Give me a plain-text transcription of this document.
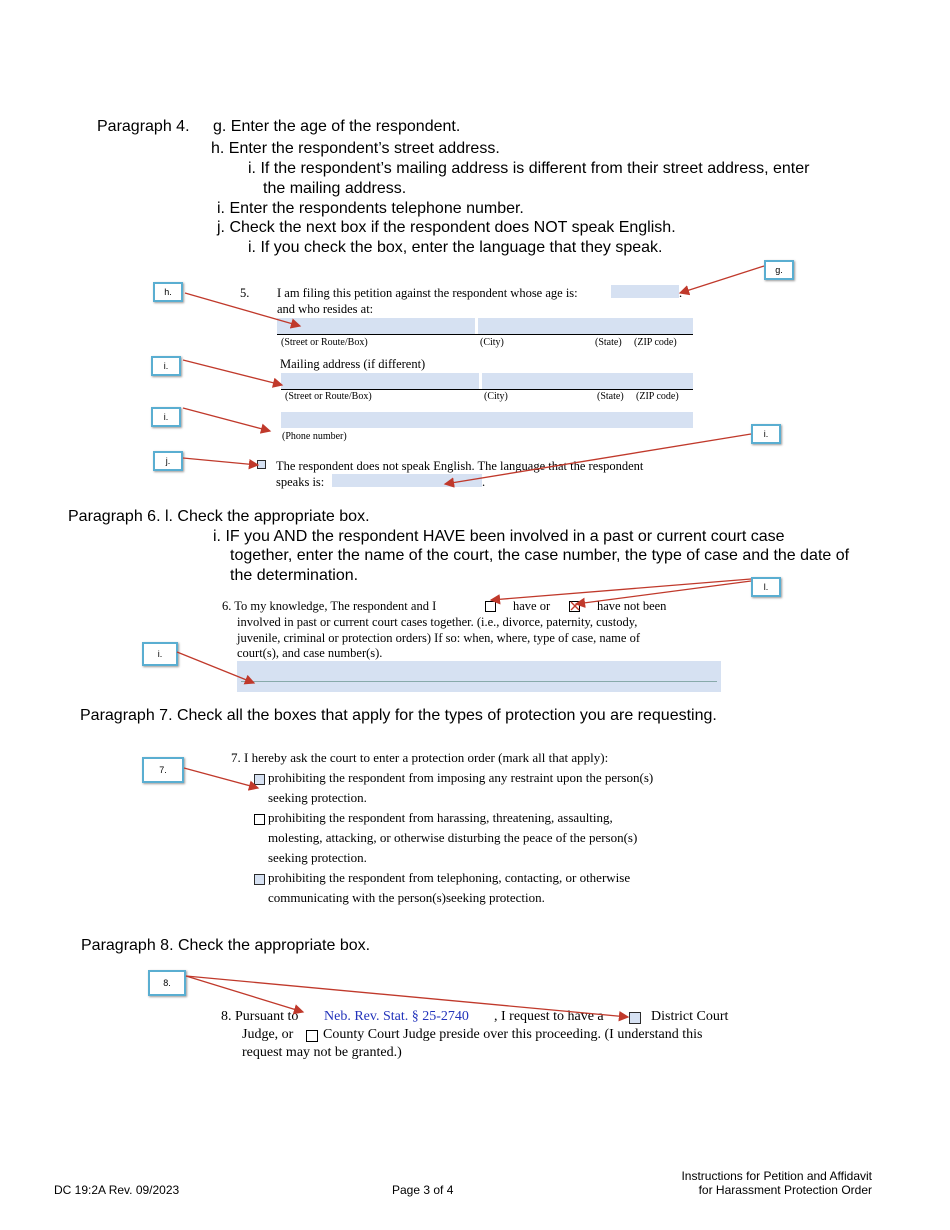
Paragraph 4. g. Enter the age of the respondent.
h. Enter the respondent’s street address.
i. If the respondent’s mailing address is different from their street address, enter
the mailing address.
i. Enter the respondents telephone number.
j. Check the next box if the respondent does NOT speak English.
i. If you check the box, enter the language that they speak.
5. I am filing this petition against the respondent whose age is:	.
and who resides at:
(Street or Route/Box)	(City)	(State) (ZIP code)
Mailing address (if different)
(Street or Route/Box)	(City)	(State) (ZIP code)
(Phone number)
The respondent does not speak English. The language that the respondent
speaks is:	.
h.
g.
i.
i.
i.
j.
Paragraph 6. l. Check the appropriate box.
i. IF you AND the respondent HAVE been involved in a past or current court case
together, enter the name of the court, the case number, the type of case and the date of
the determination.
6. To my knowledge, The respondent and I	have or	have not been
involved in past or current court cases together. (i.e., divorce, paternity, custody,
juvenile, criminal or protection orders) If so: when, where, type of case, name of
court(s), and case number(s).
l.
i.
Paragraph 7. Check all the boxes that apply for the types of protection you are requesting.
7. I hereby ask the court to enter a protection order (mark all that apply):
prohibiting the respondent from imposing any restraint upon the person(s)
seeking protection.
prohibiting the respondent from harassing, threatening, assaulting,
molesting, attacking, or otherwise disturbing the peace of the person(s)
seeking protection.
prohibiting the respondent from telephoning, contacting, or otherwise
communicating with the person(s)seeking protection.
7.
Paragraph 8. Check the appropriate box.
8. Pursuant to Neb. Rev. Stat. § 25-2740 , I request to have a	District Court
Judge, or County Court Judge preside over this proceeding. (I understand this
request may not be granted.)
8.
DC 19:2A Rev. 09/2023	Page 3 of 4
Instructions for Petition and Affidavit
for Harassment Protection Order
